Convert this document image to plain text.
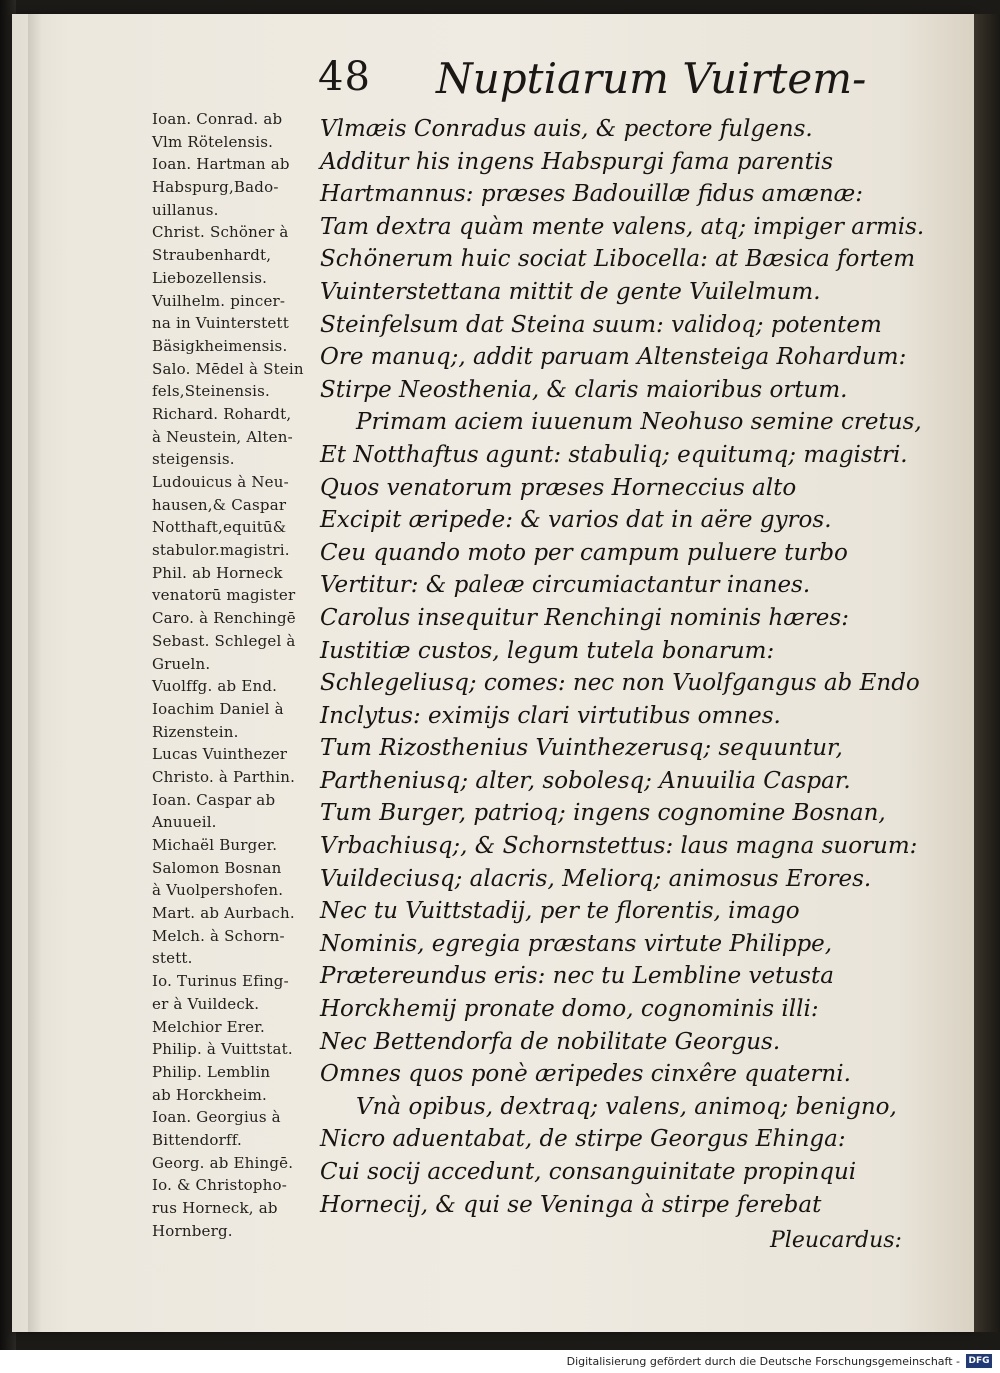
48 Nuptiarum Vuirtem-
Ioan. Conrad. ab
Vlm Rötelensis.
Ioan. Hartman ab
Habspurg,Bado-
uillanus.
Christ. Schöner à
Straubenhardt,
Liebozellensis.
Vuilhelm. pincer-
na in Vuinterstett
Bäsigkheimensis.
Salo. Mēdel à Stein
fels,Steinensis.
Richard. Rohardt,
à Neustein, Alten-
steigensis.
Ludouicus à Neu-
hausen,& Caspar
Notthaft,equitū&
stabulor.magistri.
Phil. ab Horneck
venatorū magister
Caro. à Renchingē
Sebast. Schlegel à
Grueln.
Vuolffg. ab End.
Ioachim Daniel à
Rizenstein.
Lucas Vuinthezer
Christo. à Parthin.
Ioan. Caspar ab
Anuueil.
Michaël Burger.
Salomon Bosnan
à Vuolpershofen.
Mart. ab Aurbach.
Melch. à Schorn-
stett.
Io. Turinus Efing-
er à Vuildeck.
Melchior Erer.
Philip. à Vuittstat.
Philip. Lemblin
ab Horckheim.
Ioan. Georgius à
Bittendorff.
Georg. ab Ehingē.
Io. & Christopho-
rus Horneck, ab
Hornberg.
Vlmæis Conradus auis, & pectore fulgens.
Additur his ingens Habspurgi fama parentis
Hartmannus: præses Badouillæ fidus amænæ:
Tam dextra quàm mente valens, atq; impiger armis.
Schönerum huic sociat Libocella: at Bæsica fortem
Vuinterstettana mittit de gente Vuilelmum.
Steinfelsum dat Steina suum: validoq; potentem
Ore manuq;, addit paruam Altensteiga Rohardum:
Stirpe Neosthenia, & claris maioribus ortum.
Primam aciem iuuenum Neohuso semine cretus,
Et Notthaftus agunt: stabuliq; equitumq; magistri.
Quos venatorum præses Horneccius alto
Excipit æripede: & varios dat in aëre gyros.
Ceu quando moto per campum puluere turbo
Vertitur: & paleæ circumiactantur inanes.
Carolus insequitur Renchingi nominis hæres:
Iustitiæ custos, legum tutela bonarum:
Schlegeliusq; comes: nec non Vuolfgangus ab Endo
Inclytus: eximijs clari virtutibus omnes.
Tum Rizosthenius Vuinthezerusq; sequuntur,
Partheniusq; alter, sobolesq; Anuuilia Caspar.
Tum Burger, patrioq; ingens cognomine Bosnan,
Vrbachiusq;, & Schornstettus: laus magna suorum:
Vuildeciusq; alacris, Meliorq; animosus Erores.
Nec tu Vuittstadij, per te florentis, imago
Nominis, egregia præstans virtute Philippe,
Prætereundus eris: nec tu Lembline vetusta
Horckhemij pronate domo, cognominis illi:
Nec Bettendorfa de nobilitate Georgus.
Omnes quos ponè æripedes cinxêre quaterni.
Vnà opibus, dextraq; valens, animoq; benigno,
Nicro aduentabat, de stirpe Georgus Ehinga:
Cui socij accedunt, consanguinitate propinqui
Hornecij, & qui se Veninga à stirpe ferebat
Pleucardus:
Digitalisierung gefördert durch die Deutsche Forschungsgemeinschaft - DFG
